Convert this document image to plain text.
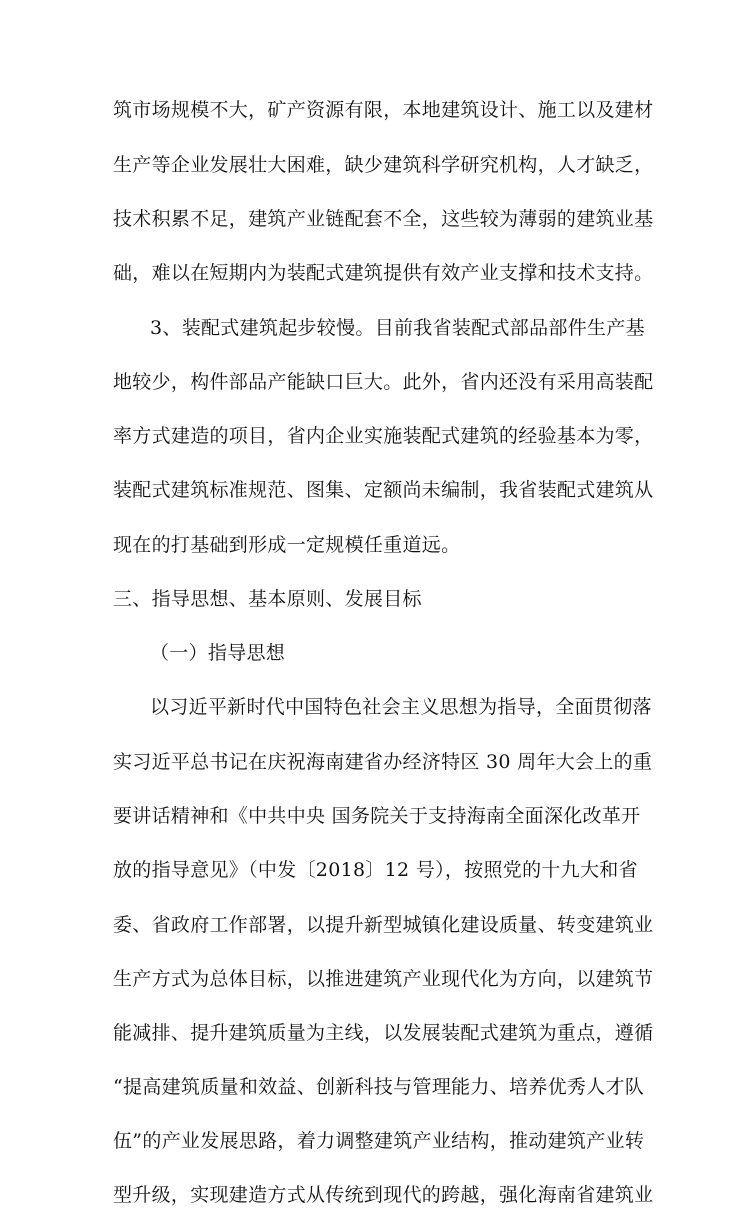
筑市场规模不大，矿产资源有限，本地建筑设计、施工以及建材
生产等企业发展壮大困难，缺少建筑科学研究机构，人才缺乏，
技术积累不足，建筑产业链配套不全，这些较为薄弱的建筑业基
础，难以在短期内为装配式建筑提供有效产业支撑和技术支持。
3、装配式建筑起步较慢。目前我省装配式部品部件生产基
地较少，构件部品产能缺口巨大。此外，省内还没有采用高装配
率方式建造的项目，省内企业实施装配式建筑的经验基本为零，
装配式建筑标准规范、图集、定额尚未编制，我省装配式建筑从
现在的打基础到形成一定规模任重道远。
三、指导思想、基本原则、发展目标
（一）指导思想
以习近平新时代中国特色社会主义思想为指导，全面贯彻落
实习近平总书记在庆祝海南建省办经济特区 30 周年大会上的重
要讲话精神和《中共中央 国务院关于支持海南全面深化改革开
放的指导意见》（中发〔2018〕12 号），按照党的十九大和省
委、省政府工作部署，以提升新型城镇化建设质量、转变建筑业
生产方式为总体目标，以推进建筑产业现代化为方向，以建筑节
能减排、提升建筑质量为主线，以发展装配式建筑为重点，遵循
“提高建筑质量和效益、创新科技与管理能力、培养优秀人才队
伍”的产业发展思路，着力调整建筑产业结构，推动建筑产业转
型升级，实现建造方式从传统到现代的跨越，强化海南省建筑业
